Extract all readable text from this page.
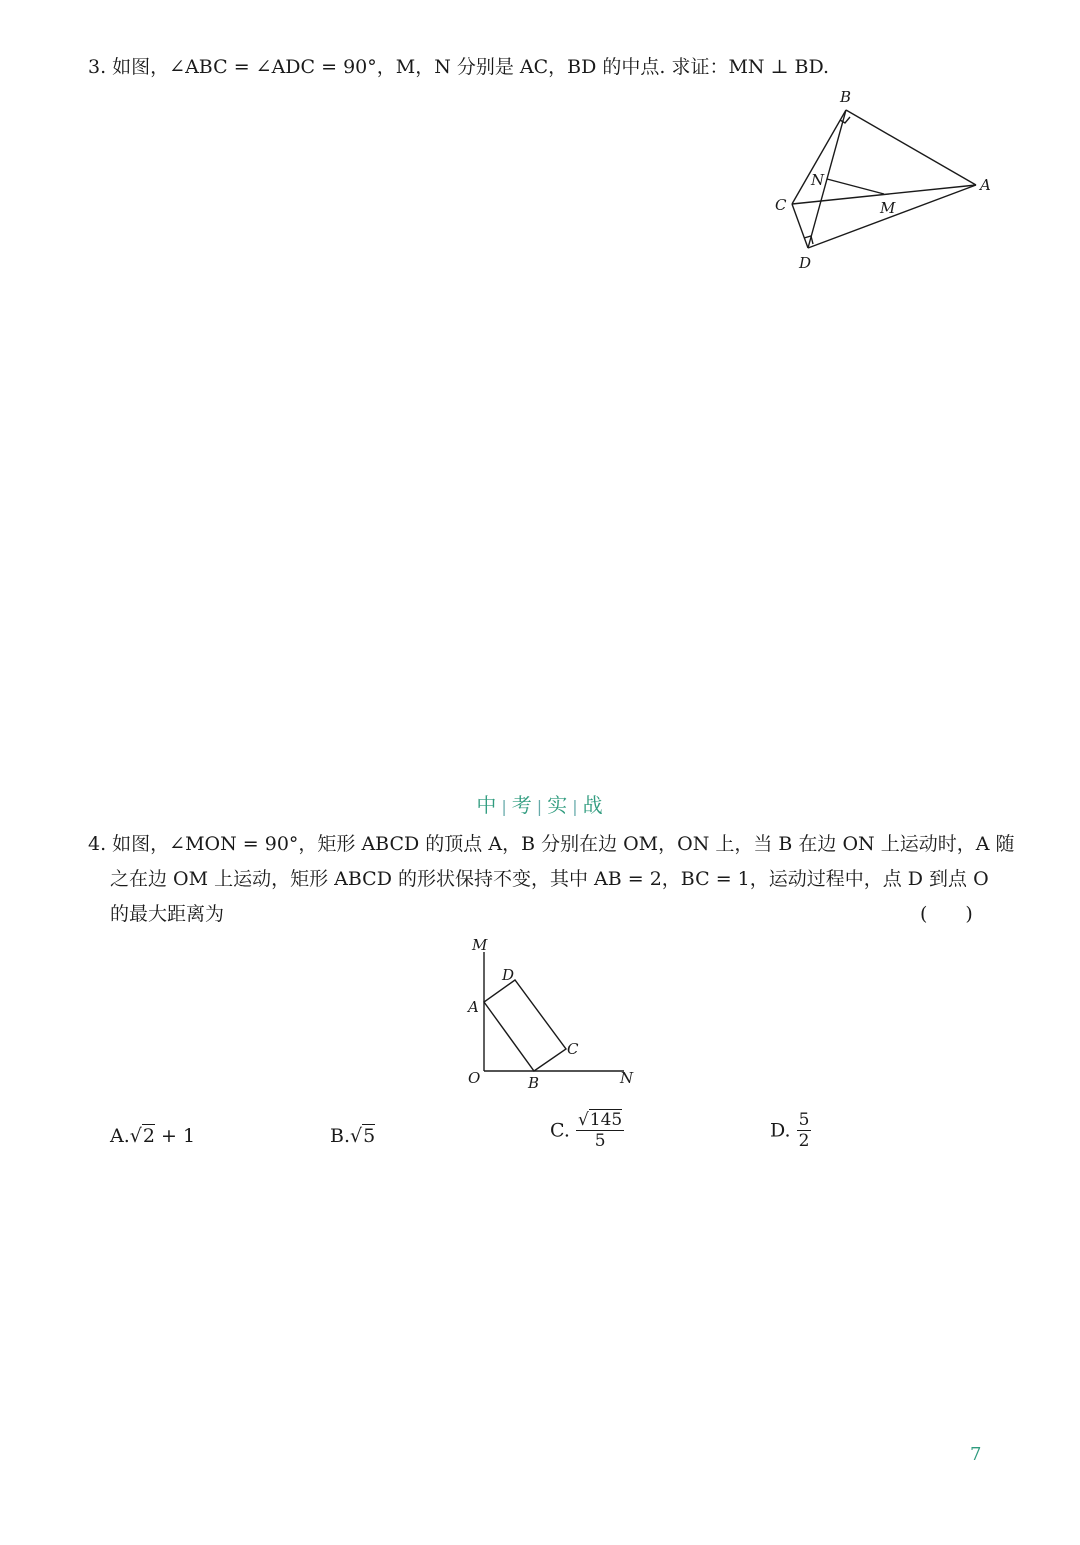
3. 如图，∠ABC = ∠ADC = 90°，M，N 分别是 AC，BD 的中点. 求证：MN ⊥ BD.
B
A
C
D
N
M
中 | 考 | 实 | 战
4. 如图，∠MON = 90°，矩形 ABCD 的顶点 A，B 分别在边 OM，ON 上，当 B 在边 ON 上运动时，A 随
之在边 OM 上运动，矩形 ABCD 的形状保持不变，其中 AB = 2，BC = 1，运动过程中，点 D 到点 O
的最大距离为	(　　)
M
D
A
C
O	B	N
A.√2 + 1	B.√5	C. $\frac{√145}{5}$	D. $\frac{5}{2}$
7
